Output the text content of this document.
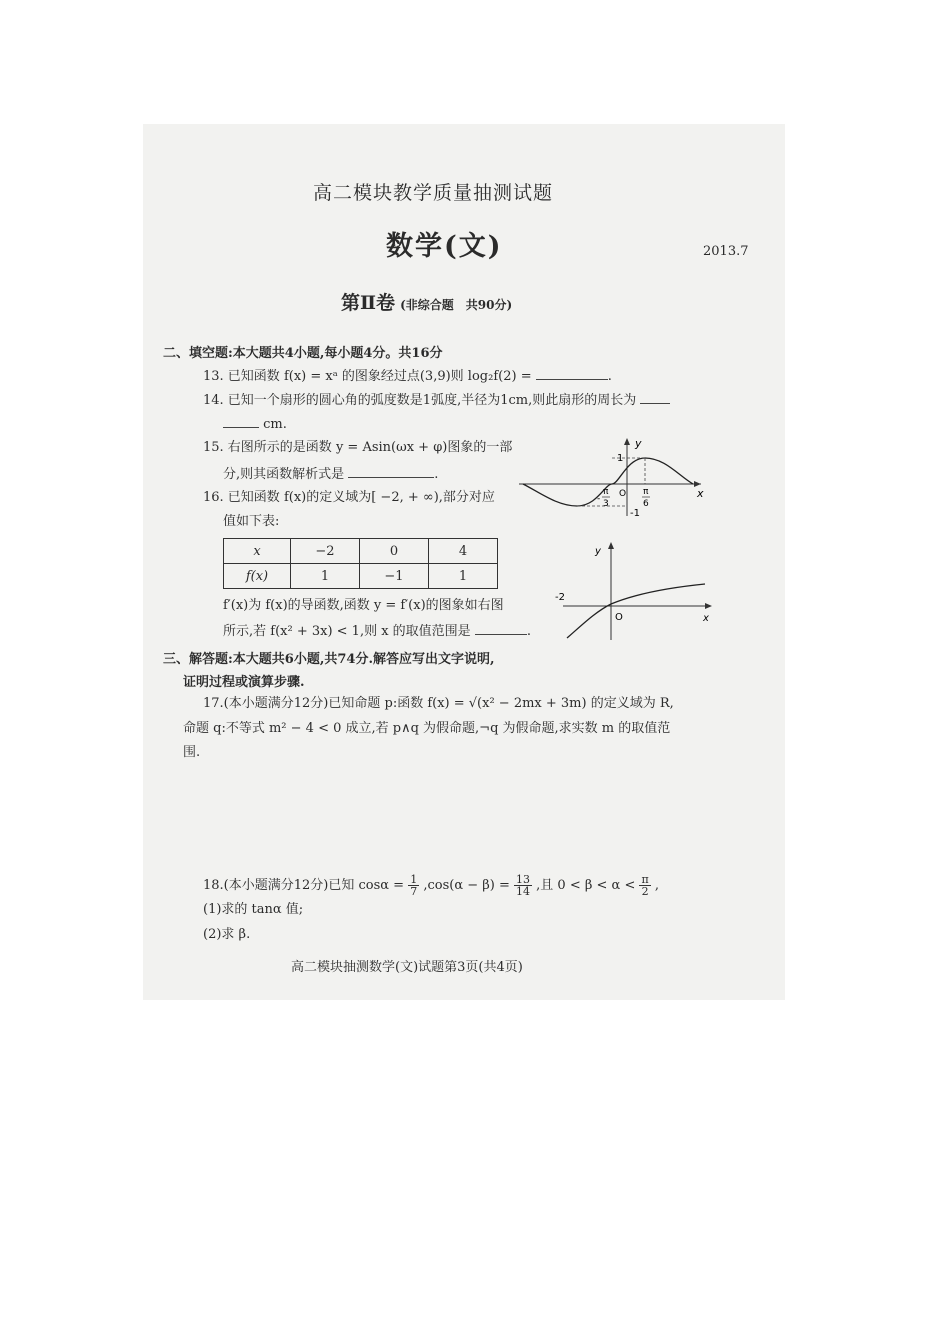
高二模块教学质量抽测试题
数学(文)	2013.7
第Ⅱ卷 (非综合题　共90分)
二、填空题:本大题共4小题,每小题4分。共16分
13. 已知函数 f(x) = xᵃ 的图象经过点(3,9)则 log₂f(2) =	.
14. 已知一个扇形的圆心角的弧度数是1弧度,半径为1cm,则此扇形的周长为
cm.
15. 右图所示的是函数 y = Asin(ωx + φ)图象的一部
分,则其函数解析式是	.
16. 已知函数 f(x)的定义域为[ −2, + ∞),部分对应
值如下表:
x	−2	0	4
f(x)	1	−1	1
f′(x)为 f(x)的导函数,函数 y = f′(x)的图象如右图
所示,若 f(x² + 3x) < 1,则 x 的取值范围是	.
y
x
1
-1
O
-
π
3
π
6
y
x
O
-2
三、解答题:本大题共6小题,共74分.解答应写出文字说明,
证明过程或演算步骤.
17.(本小题满分12分)已知命题 p:函数 f(x) = √(x² − 2mx + 3m) 的定义域为 R,
命题 q:不等式 m² − 4 < 0 成立,若 p∧q 为假命题,¬q 为假命题,求实数 m 的取值范
围.
18.(本小题满分12分)已知 $\cos\alpha = \frac{1}{7} ,\cos(\alpha - \beta) = \frac{13}{14}$ ,且 $0 < \beta < \alpha < \frac{\pi}{2}$ ,
(1)求的 tanα 值;
(2)求 β.
高二模块抽测数学(文)试题第3页(共4页)
